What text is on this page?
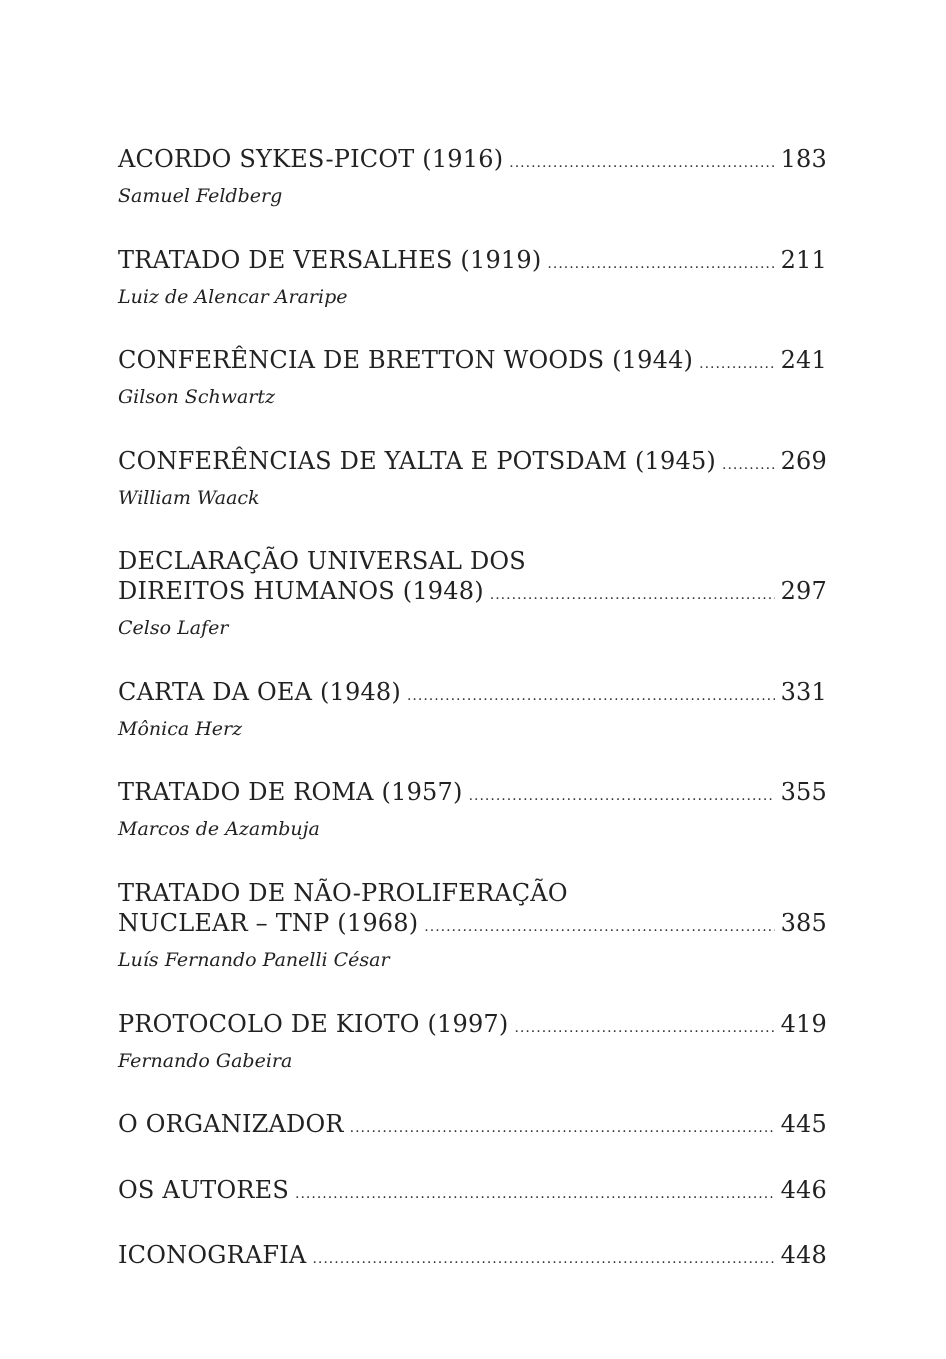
ACORDO SYKES-PICOT (1916) .....	183
Samuel Feldberg
TRATADO DE VERSALHES (1919) .....	211
Luiz de Alencar Araripe
CONFERÊNCIA DE BRETTON WOODS (1944) .....	241
Gilson Schwartz
CONFERÊNCIAS DE YALTA E POTSDAM (1945) .....	269
William Waack
DECLARAÇÃO UNIVERSAL DOS
DIREITOS HUMANOS (1948) .....	297
Celso Lafer
CARTA DA OEA (1948) .....	331
Mônica Herz
TRATADO DE ROMA (1957) .....	355
Marcos de Azambuja
TRATADO DE NÃO-PROLIFERAÇÃO
NUCLEAR – TNP (1968) .....	385
Luís Fernando Panelli César
PROTOCOLO DE KIOTO (1997) .....	419
Fernando Gabeira
O ORGANIZADOR .....	445
OS AUTORES .....	446
ICONOGRAFIA .....	448
